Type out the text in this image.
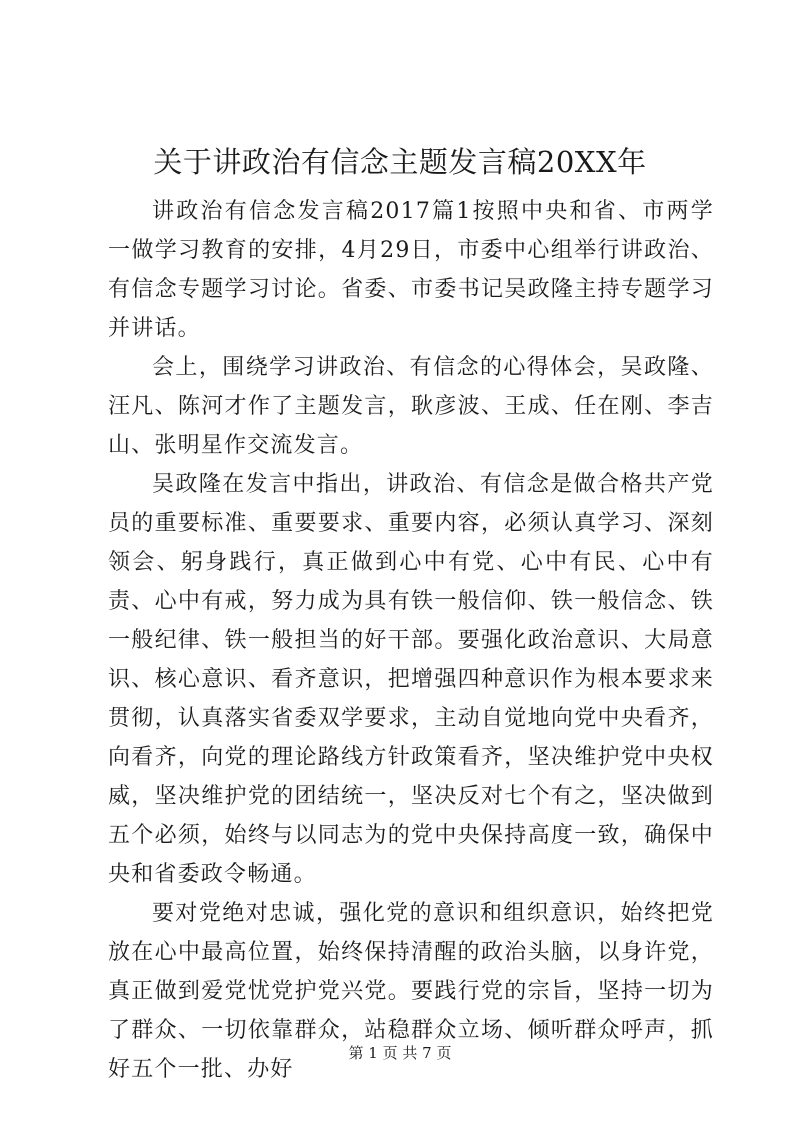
关于讲政治有信念主题发言稿20XX年

讲政治有信念发言稿2017篇1按照中央和省、市两学一做学习教育的安排，4月29日，市委中心组举行讲政治、有信念专题学习讨论。省委、市委书记吴政隆主持专题学习并讲话。

会上，围绕学习讲政治、有信念的心得体会，吴政隆、汪凡、陈河才作了主题发言，耿彦波、王成、任在刚、李吉山、张明星作交流发言。

吴政隆在发言中指出，讲政治、有信念是做合格共产党员的重要标准、重要要求、重要内容，必须认真学习、深刻领会、躬身践行，真正做到心中有党、心中有民、心中有责、心中有戒，努力成为具有铁一般信仰、铁一般信念、铁一般纪律、铁一般担当的好干部。要强化政治意识、大局意识、核心意识、看齐意识，把增强四种意识作为根本要求来贯彻，认真落实省委双学要求，主动自觉地向党中央看齐，向看齐，向党的理论路线方针政策看齐，坚决维护党中央权威，坚决维护党的团结统一，坚决反对七个有之，坚决做到五个必须，始终与以同志为的党中央保持高度一致，确保中央和省委政令畅通。

要对党绝对忠诚，强化党的意识和组织意识，始终把党放在心中最高位置，始终保持清醒的政治头脑，以身许党，真正做到爱党忧党护党兴党。要践行党的宗旨，坚持一切为了群众、一切依靠群众，站稳群众立场、倾听群众呼声，抓好五个一批、办好

第 1 页 共 7 页
